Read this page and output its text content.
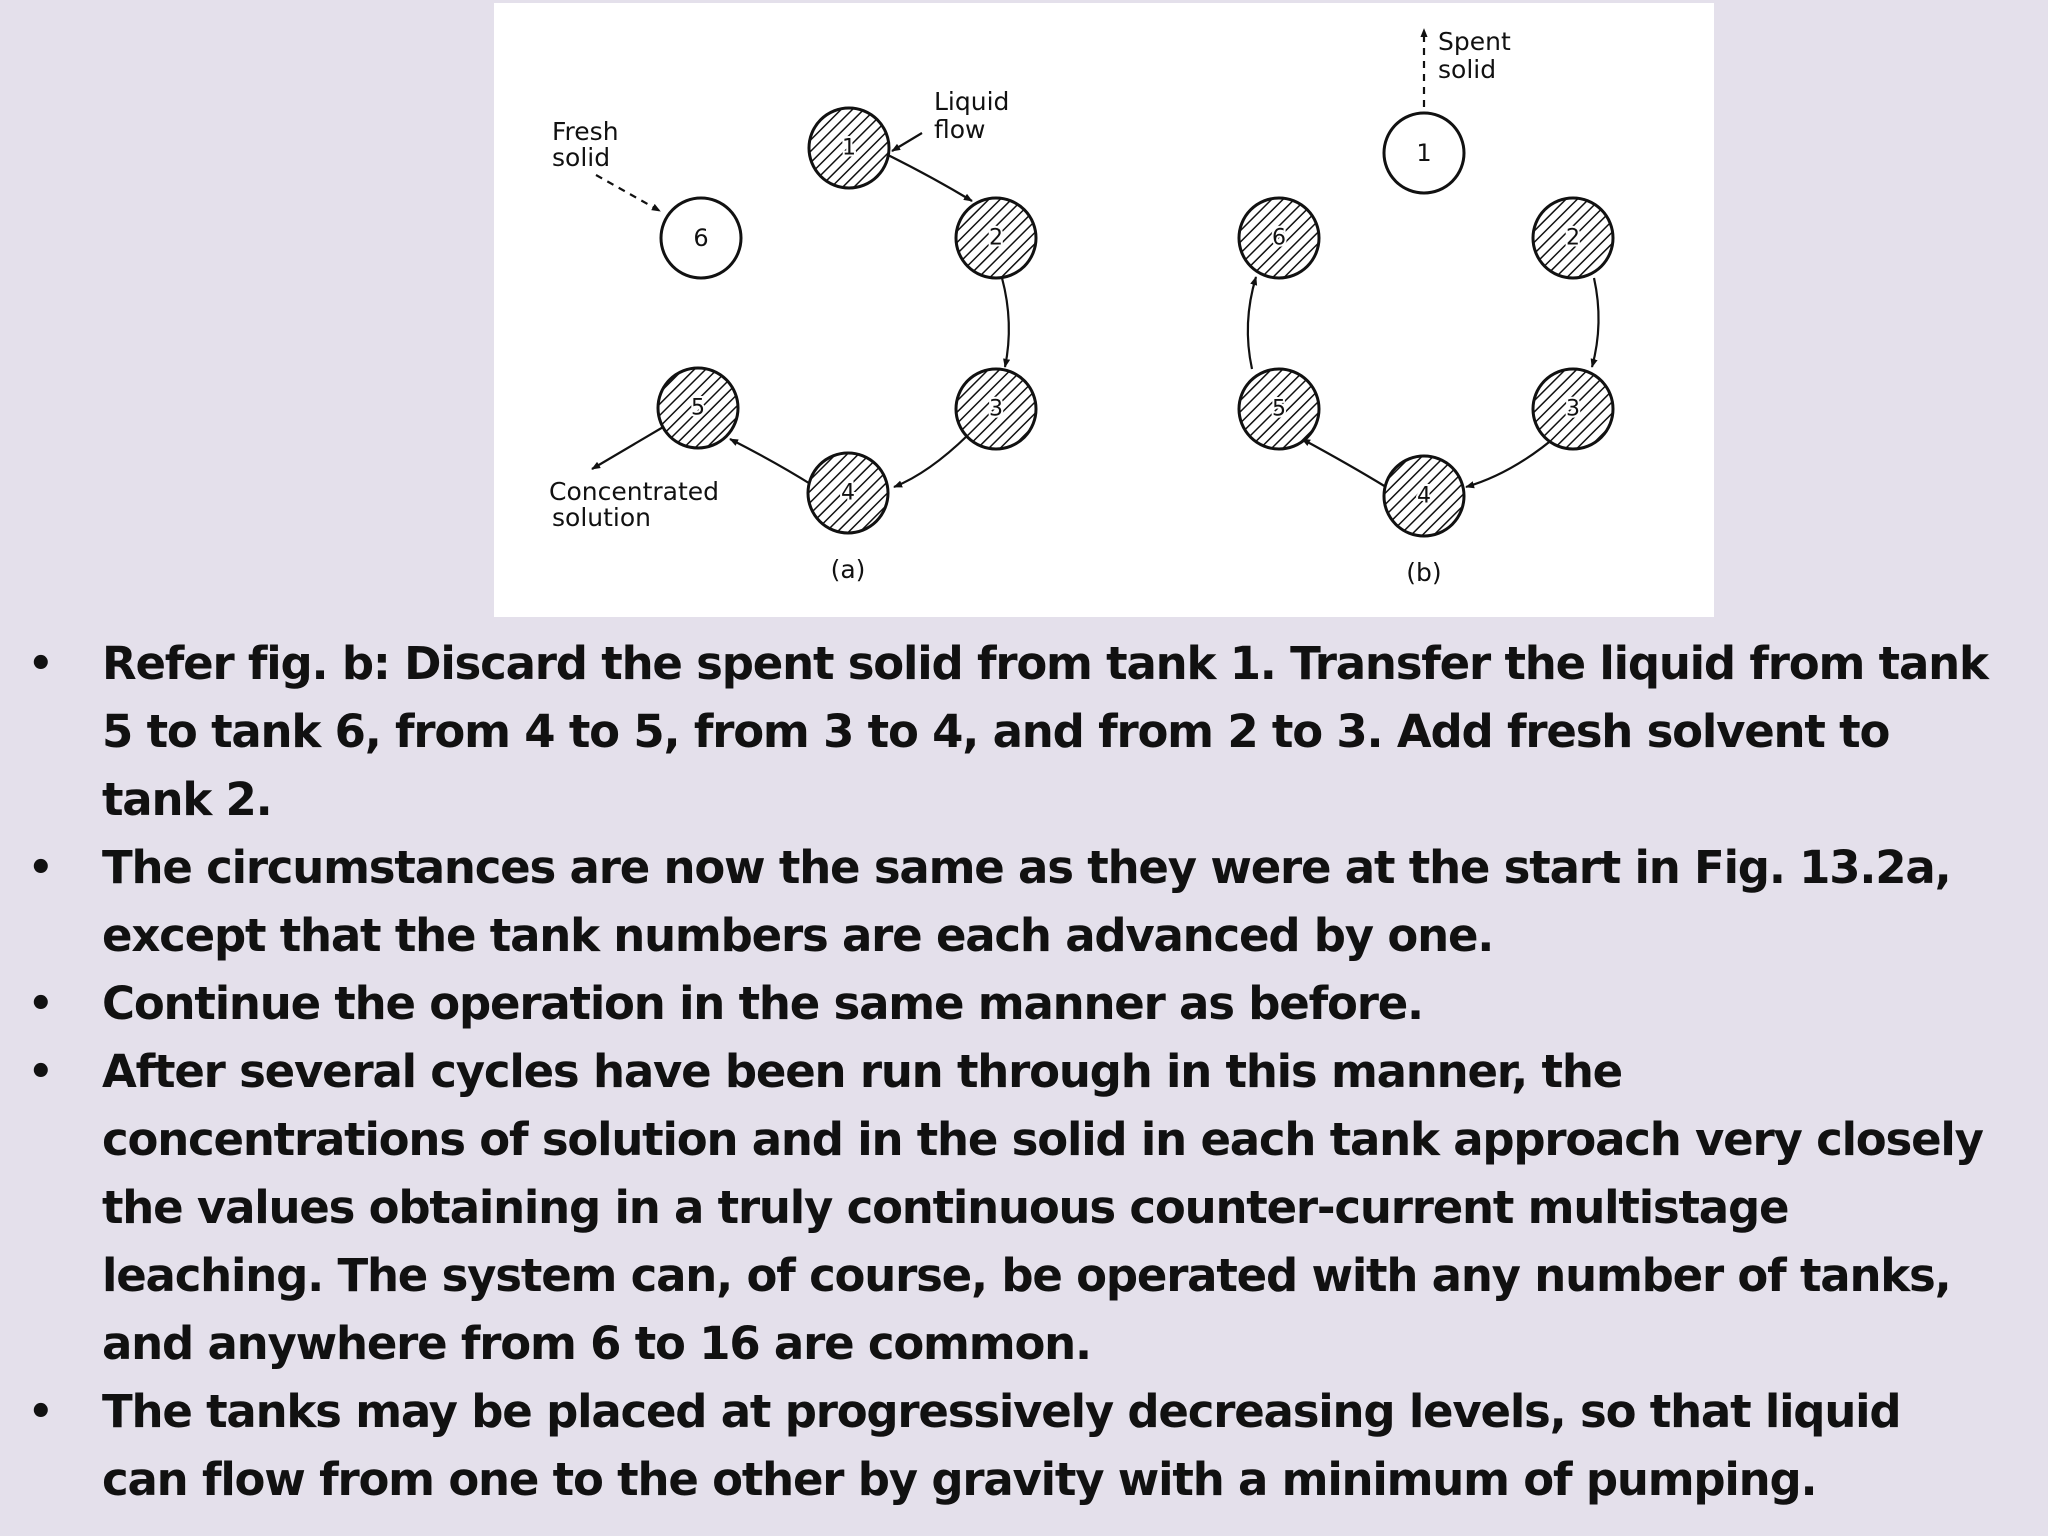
1
2
3
4
5
6
Fresh
solid
Liquid
flow
Concentrated
solution
(a)
1
2
3
4
5
6
Spent
solid
(b)
• Refer fig. b: Discard the spent solid from tank 1. Transfer the liquid from tank 5 to tank 6, from 4 to 5, from 3 to 4, and from 2 to 3. Add fresh solvent to tank 2.
• The circumstances are now the same as they were at the start in Fig. 13.2a, except that the tank numbers are each advanced by one.
• Continue the operation in the same manner as before.
• After several cycles have been run through in this manner, the concentrations of solution and in the solid in each tank approach very closely the values obtaining in a truly continuous counter-current multistage leaching. The system can, of course, be operated with any number of tanks, and anywhere from 6 to 16 are common.
• The tanks may be placed at progressively decreasing levels, so that liquid can flow from one to the other by gravity with a minimum of pumping.
